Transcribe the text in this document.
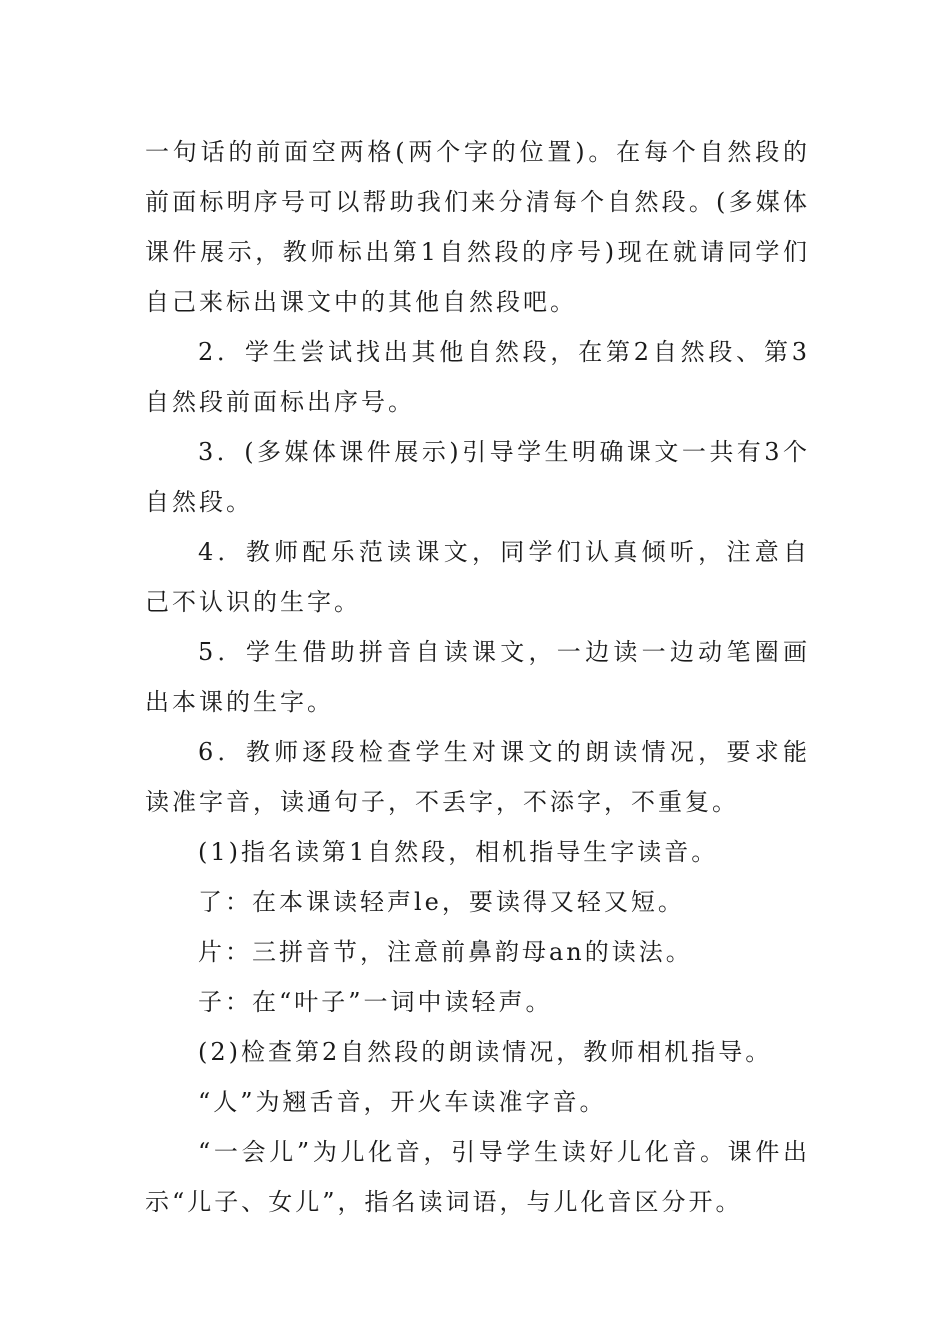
一句话的前面空两格(两个字的位置)。在每个自然段的前面标明序号可以帮助我们来分清每个自然段。(多媒体课件展示，教师标出第1自然段的序号)现在就请同学们自己来标出课文中的其他自然段吧。

2．学生尝试找出其他自然段，在第2自然段、第3自然段前面标出序号。

3．(多媒体课件展示)引导学生明确课文一共有3个自然段。

4．教师配乐范读课文，同学们认真倾听，注意自己不认识的生字。

5．学生借助拼音自读课文，一边读一边动笔圈画出本课的生字。

6．教师逐段检查学生对课文的朗读情况，要求能读准字音，读通句子，不丢字，不添字，不重复。

(1)指名读第1自然段，相机指导生字读音。

了：在本课读轻声le，要读得又轻又短。

片：三拼音节，注意前鼻韵母an的读法。

子：在“叶子”一词中读轻声。

(2)检查第2自然段的朗读情况，教师相机指导。

“人”为翘舌音，开火车读准字音。

“一会儿”为儿化音，引导学生读好儿化音。课件出示“儿子、女儿”，指名读词语，与儿化音区分开。
